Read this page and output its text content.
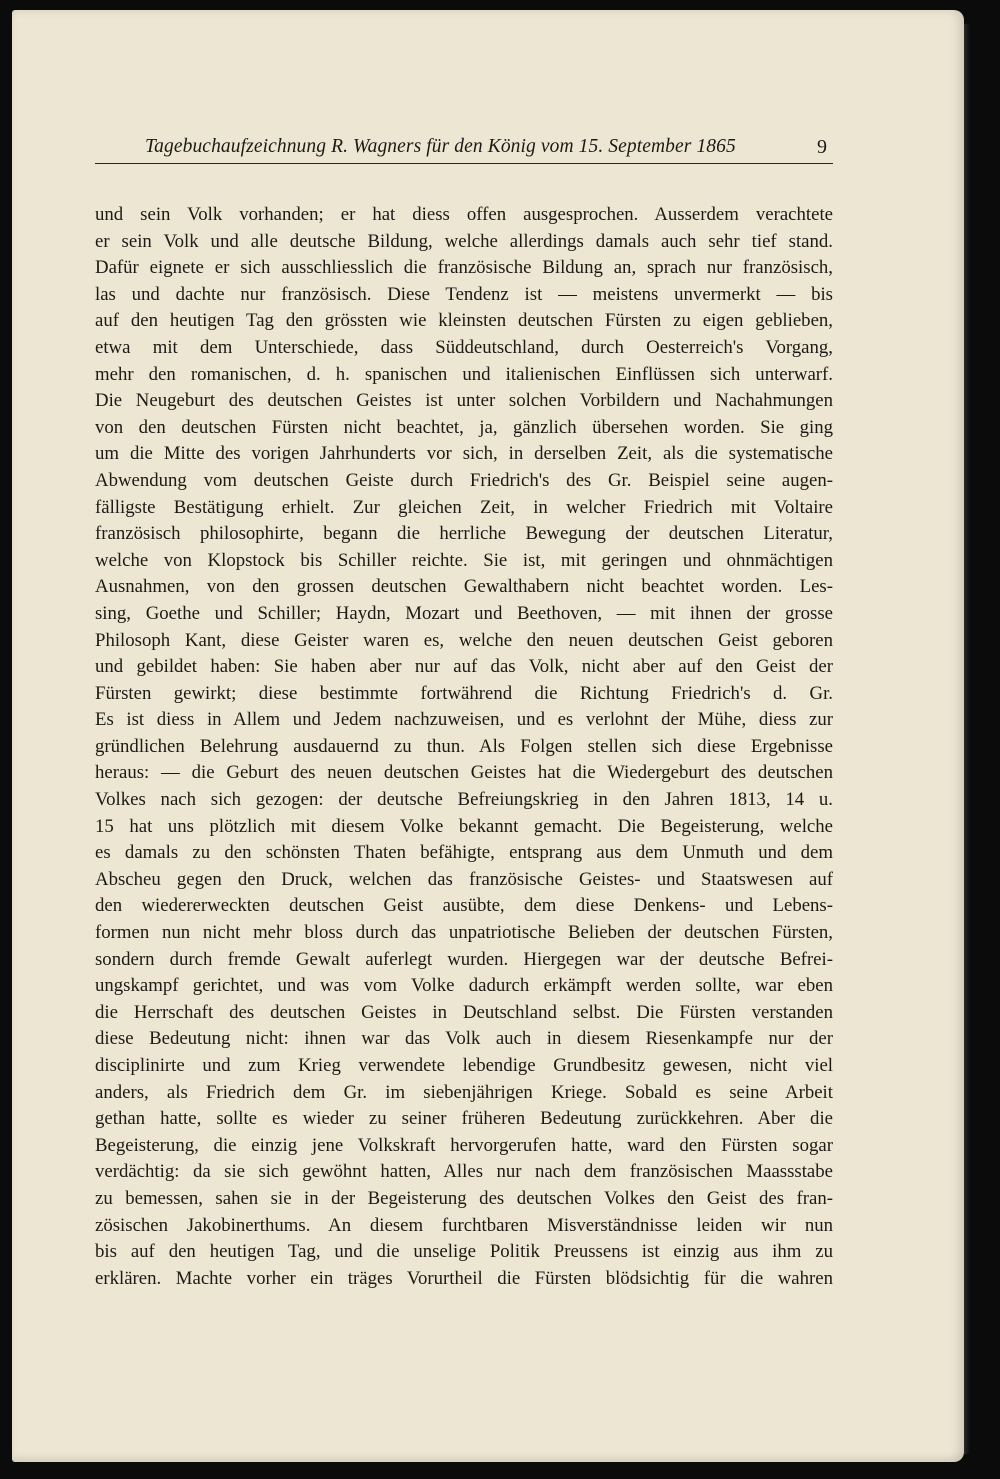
Tagebuchaufzeichnung R. Wagners für den König vom 15. September 1865	9
und sein Volk vorhanden; er hat diess offen ausgesprochen. Ausserdem verachtete
er sein Volk und alle deutsche Bildung, welche allerdings damals auch sehr tief stand.
Dafür eignete er sich ausschliesslich die französische Bildung an, sprach nur französisch,
las und dachte nur französisch. Diese Tendenz ist — meistens unvermerkt — bis
auf den heutigen Tag den grössten wie kleinsten deutschen Fürsten zu eigen geblieben,
etwa mit dem Unterschiede, dass Süddeutschland, durch Oesterreich's Vorgang,
mehr den romanischen, d. h. spanischen und italienischen Einflüssen sich unterwarf.
Die Neugeburt des deutschen Geistes ist unter solchen Vorbildern und Nachahmungen
von den deutschen Fürsten nicht beachtet, ja, gänzlich übersehen worden. Sie ging
um die Mitte des vorigen Jahrhunderts vor sich, in derselben Zeit, als die systematische
Abwendung vom deutschen Geiste durch Friedrich's des Gr. Beispiel seine augen-
fälligste Bestätigung erhielt. Zur gleichen Zeit, in welcher Friedrich mit Voltaire
französisch philosophirte, begann die herrliche Bewegung der deutschen Literatur,
welche von Klopstock bis Schiller reichte. Sie ist, mit geringen und ohnmächtigen
Ausnahmen, von den grossen deutschen Gewalthabern nicht beachtet worden. Les-
sing, Goethe und Schiller; Haydn, Mozart und Beethoven, — mit ihnen der grosse
Philosoph Kant, diese Geister waren es, welche den neuen deutschen Geist geboren
und gebildet haben: Sie haben aber nur auf das Volk, nicht aber auf den Geist der
Fürsten gewirkt; diese bestimmte fortwährend die Richtung Friedrich's d. Gr.
Es ist diess in Allem und Jedem nachzuweisen, und es verlohnt der Mühe, diess zur
gründlichen Belehrung ausdauernd zu thun. Als Folgen stellen sich diese Ergebnisse
heraus: — die Geburt des neuen deutschen Geistes hat die Wiedergeburt des deutschen
Volkes nach sich gezogen: der deutsche Befreiungskrieg in den Jahren 1813, 14 u.
15 hat uns plötzlich mit diesem Volke bekannt gemacht. Die Begeisterung, welche
es damals zu den schönsten Thaten befähigte, entsprang aus dem Unmuth und dem
Abscheu gegen den Druck, welchen das französische Geistes- und Staatswesen auf
den wiedererweckten deutschen Geist ausübte, dem diese Denkens- und Lebens-
formen nun nicht mehr bloss durch das unpatriotische Belieben der deutschen Fürsten,
sondern durch fremde Gewalt auferlegt wurden. Hiergegen war der deutsche Befrei-
ungskampf gerichtet, und was vom Volke dadurch erkämpft werden sollte, war eben
die Herrschaft des deutschen Geistes in Deutschland selbst. Die Fürsten verstanden
diese Bedeutung nicht: ihnen war das Volk auch in diesem Riesenkampfe nur der
disciplinirte und zum Krieg verwendete lebendige Grundbesitz gewesen, nicht viel
anders, als Friedrich dem Gr. im siebenjährigen Kriege. Sobald es seine Arbeit
gethan hatte, sollte es wieder zu seiner früheren Bedeutung zurückkehren. Aber die
Begeisterung, die einzig jene Volkskraft hervorgerufen hatte, ward den Fürsten sogar
verdächtig: da sie sich gewöhnt hatten, Alles nur nach dem französischen Maassstabe
zu bemessen, sahen sie in der Begeisterung des deutschen Volkes den Geist des fran-
zösischen Jakobinerthums. An diesem furchtbaren Misverständnisse leiden wir nun
bis auf den heutigen Tag, und die unselige Politik Preussens ist einzig aus ihm zu
erklären. Machte vorher ein träges Vorurtheil die Fürsten blödsichtig für die wahren
